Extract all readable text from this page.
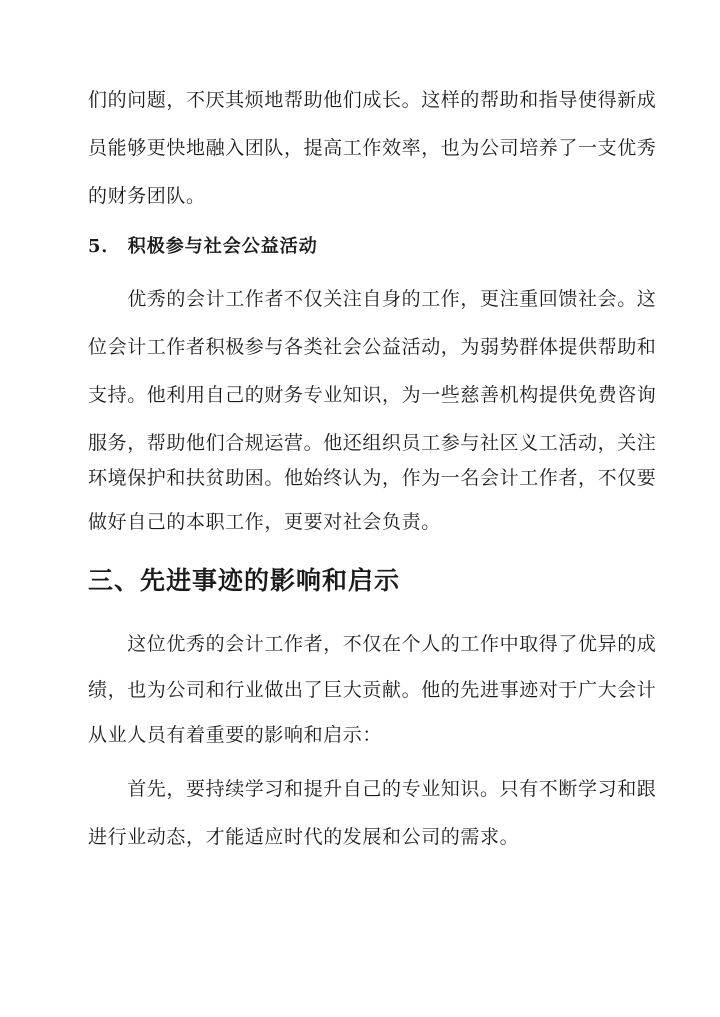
们的问题，不厌其烦地帮助他们成长。这样的帮助和指导使得新成
员能够更快地融入团队，提高工作效率，也为公司培养了一支优秀
的财务团队。
5． 积极参与社会公益活动
　　优秀的会计工作者不仅关注自身的工作，更注重回馈社会。这
位会计工作者积极参与各类社会公益活动，为弱势群体提供帮助和
支持。他利用自己的财务专业知识，为一些慈善机构提供免费咨询
服务，帮助他们合规运营。他还组织员工参与社区义工活动，关注
环境保护和扶贫助困。他始终认为，作为一名会计工作者，不仅要
做好自己的本职工作，更要对社会负责。
三、先进事迹的影响和启示
　　这位优秀的会计工作者，不仅在个人的工作中取得了优异的成
绩，也为公司和行业做出了巨大贡献。他的先进事迹对于广大会计
从业人员有着重要的影响和启示：
　　首先，要持续学习和提升自己的专业知识。只有不断学习和跟
进行业动态，才能适应时代的发展和公司的需求。
